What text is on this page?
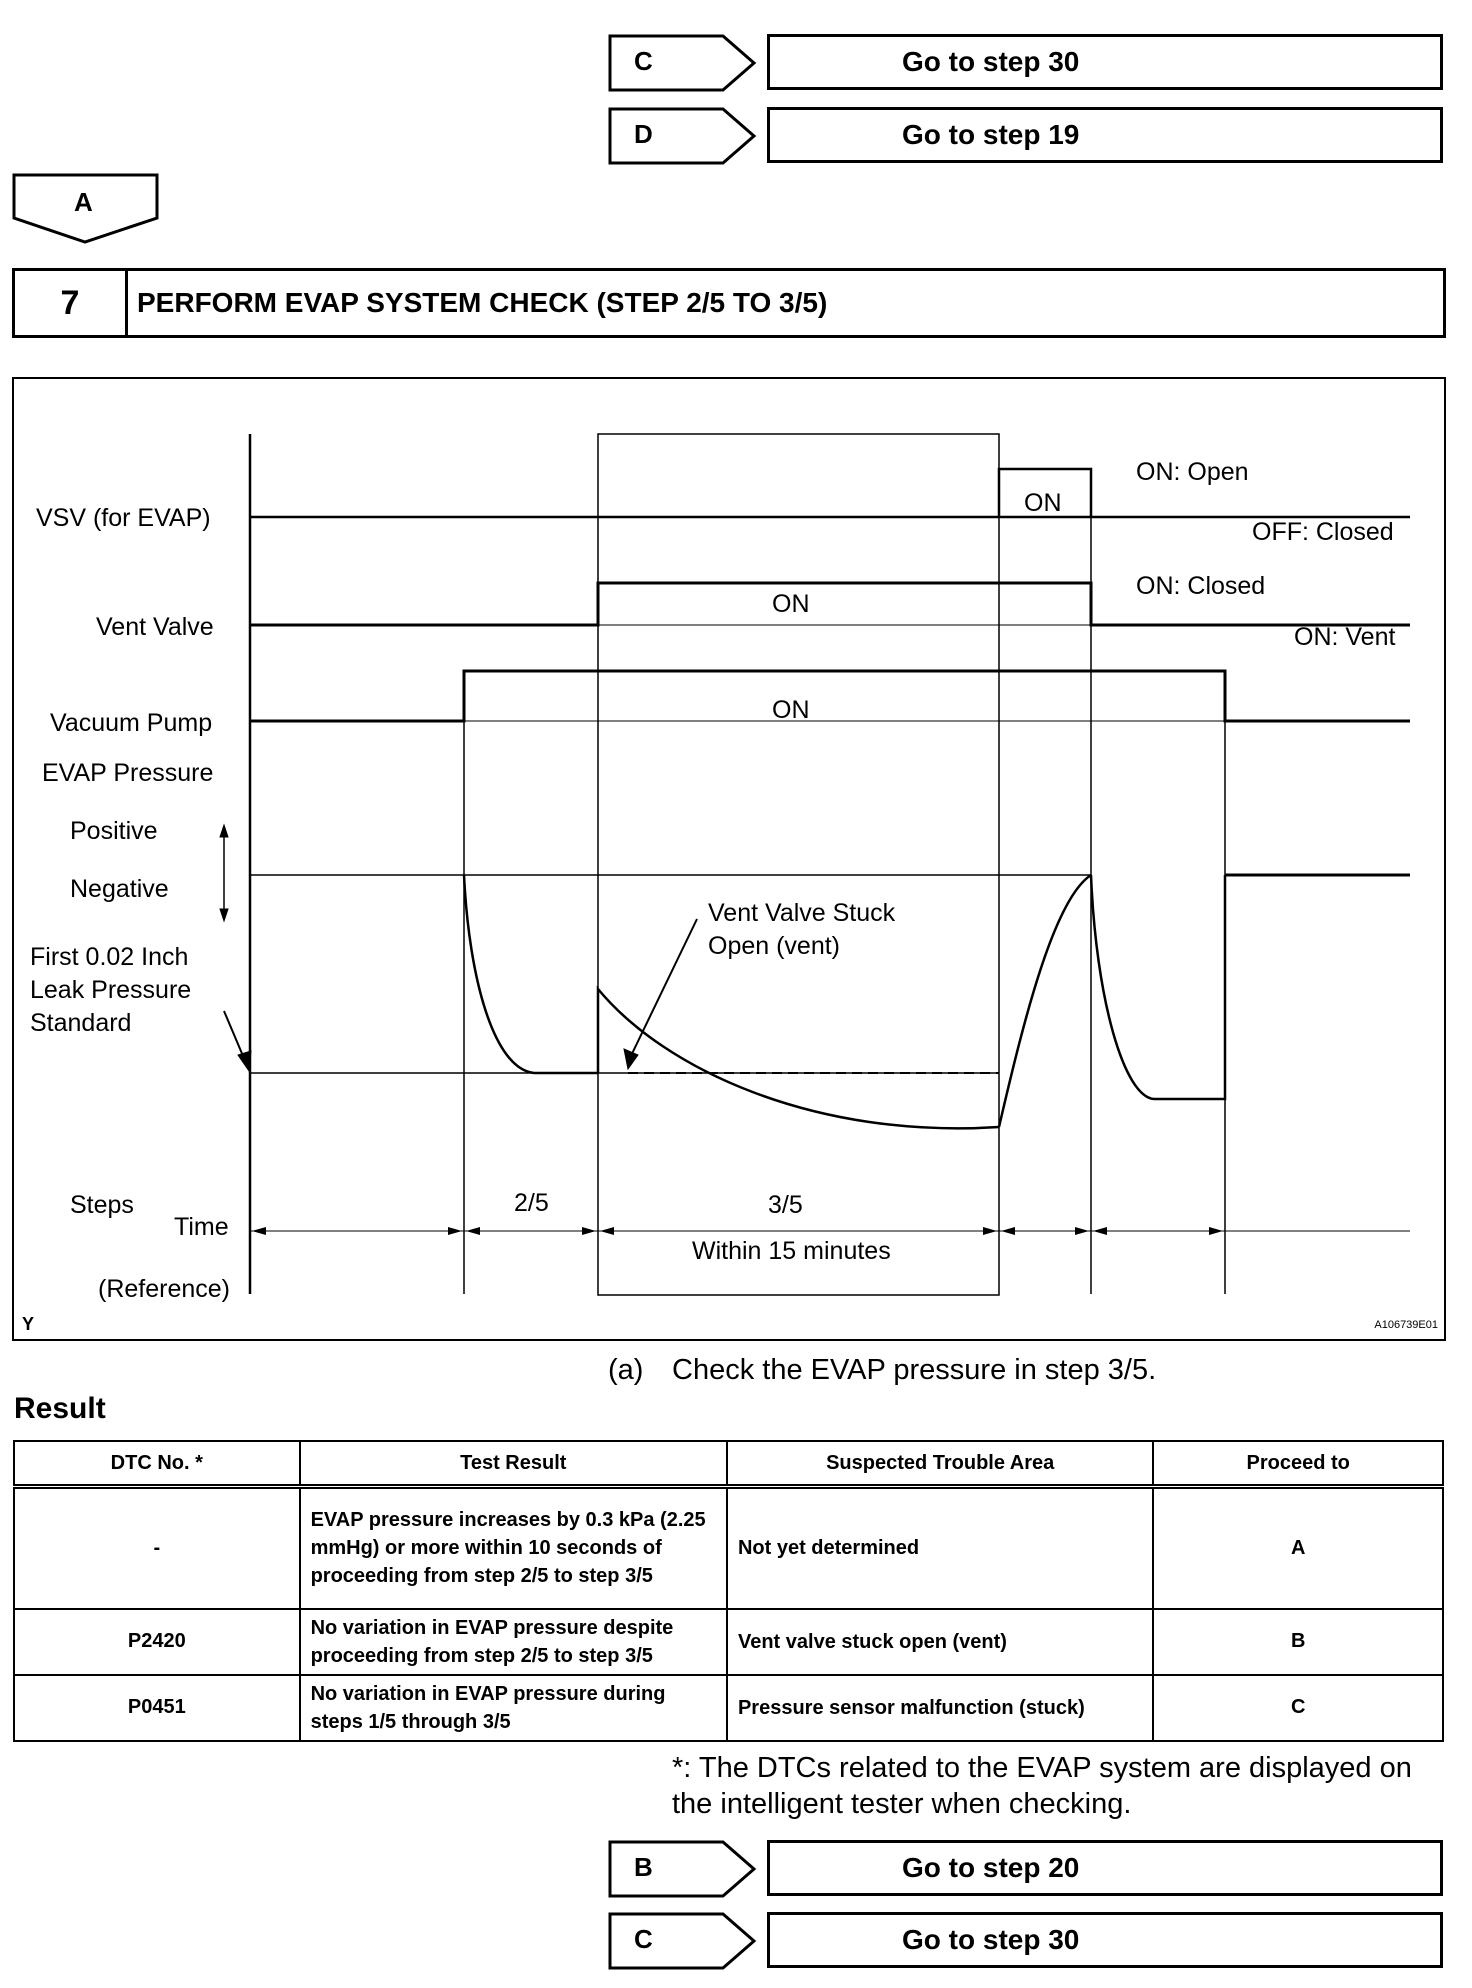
C	Go to step 30
D	Go to step 19
A
7	PERFORM EVAP SYSTEM CHECK (STEP 2/5 TO 3/5)
VSV (for EVAP)
Vent Valve
Vacuum Pump
EVAP Pressure
Positive
Negative
First 0.02 Inch
Leak Pressure
Standard
Steps
Time
(Reference)
ON
ON: Open
OFF: Closed
ON
ON: Closed
ON: Vent
ON
Vent Valve Stuck
Open (vent)
2/5	3/5
Within 15 minutes
Y	A106739E01
(a) Check the EVAP pressure in step 3/5.
Result
DTC No. *	Test Result	Suspected Trouble Area	Proceed to
-	EVAP pressure increases by 0.3 kPa (2.25 mmHg) or more within 10 seconds of proceeding from step 2/5 to step 3/5	Not yet determined	A
P2420	No variation in EVAP pressure despite proceeding from step 2/5 to step 3/5	Vent valve stuck open (vent)	B
P0451	No variation in EVAP pressure during steps 1/5 through 3/5	Pressure sensor malfunction (stuck)	C
*: The DTCs related to the EVAP system are displayed on the intelligent tester when checking.
B	Go to step 20
C	Go to step 30
